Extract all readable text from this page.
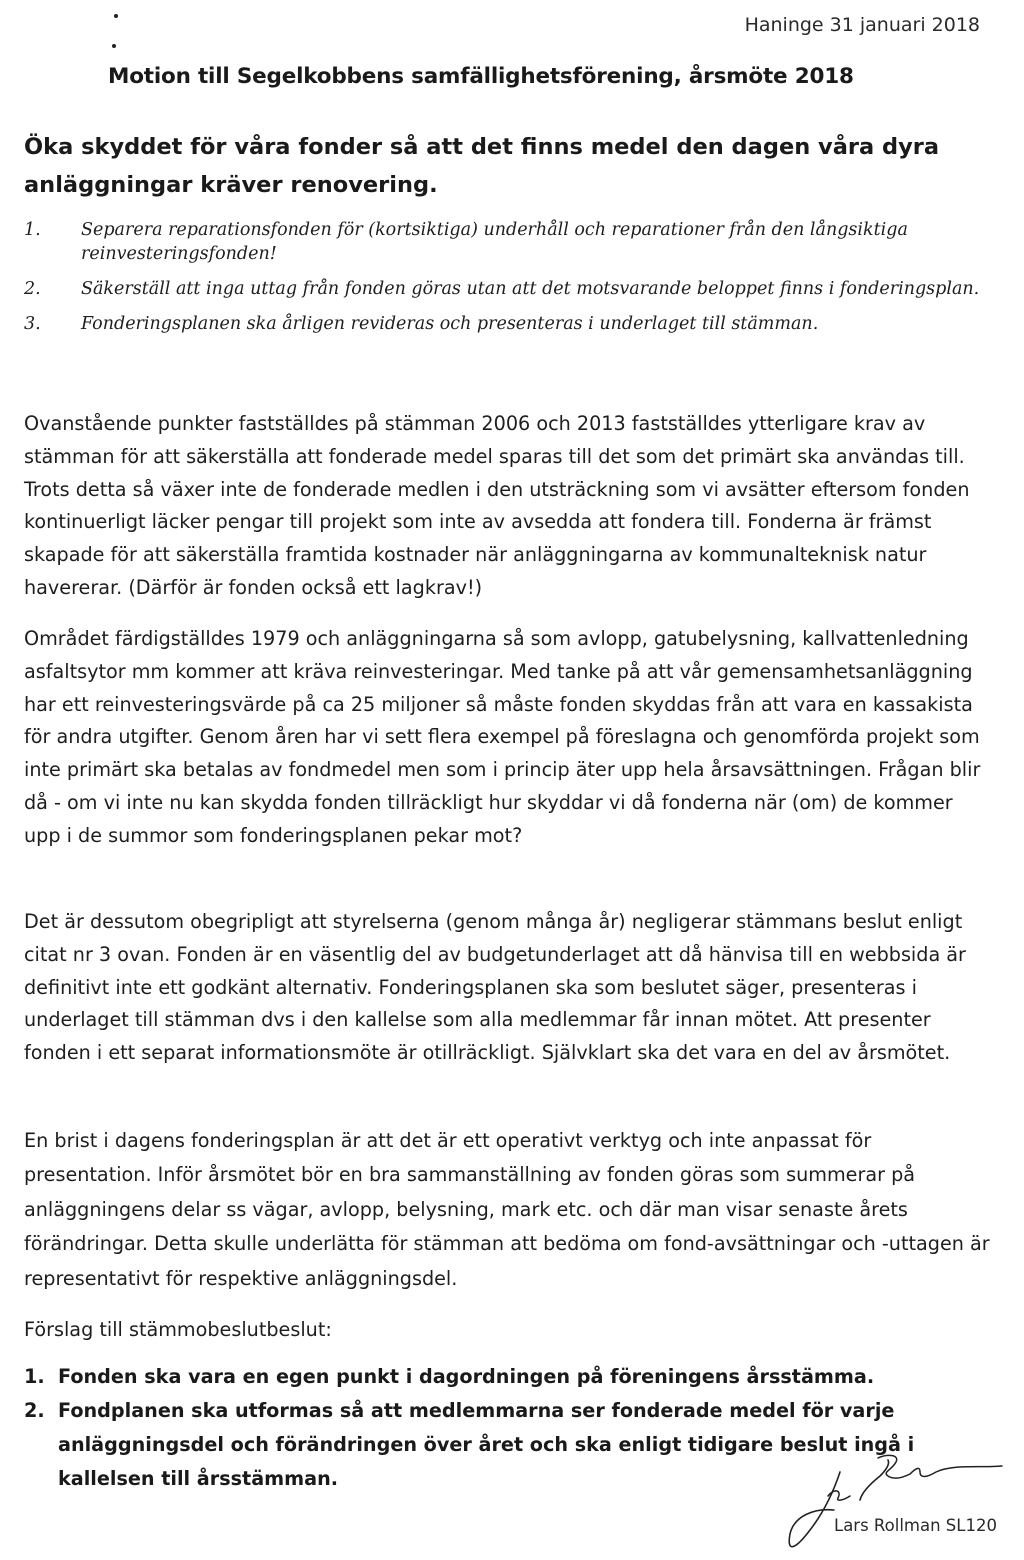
Haninge 31 januari 2018
Motion till Segelkobbens samfällighetsförening, årsmöte 2018
Öka skyddet för våra fonder så att det finns medel den dagen våra dyra anläggningar kräver renovering.
1. Separera reparationsfonden för (kortsiktiga) underhåll och reparationer från den långsiktiga reinvesteringsfonden!
2. Säkerställ att inga uttag från fonden göras utan att det motsvarande beloppet finns i fonderingsplan.
3. Fonderingsplanen ska årligen revideras och presenteras i underlaget till stämman.

Ovanstående punkter fastställdes på stämman 2006 och 2013 fastställdes ytterligare krav av stämman för att säkerställa att fonderade medel sparas till det som det primärt ska användas till. Trots detta så växer inte de fonderade medlen i den utsträckning som vi avsätter eftersom fonden kontinuerligt läcker pengar till projekt som inte av avsedda att fondera till. Fonderna är främst skapade för att säkerställa framtida kostnader när anläggningarna av kommunalteknisk natur havererar. (Därför är fonden också ett lagkrav!)

Området färdigställdes 1979 och anläggningarna så som avlopp, gatubelysning, kallvattenledning asfaltsytor mm kommer att kräva reinvesteringar. Med tanke på att vår gemensamhetsanläggning har ett reinvesteringsvärde på ca 25 miljoner så måste fonden skyddas från att vara en kassakista för andra utgifter. Genom åren har vi sett flera exempel på föreslagna och genomförda projekt som inte primärt ska betalas av fondmedel men som i princip äter upp hela årsavsättningen. Frågan blir då - om vi inte nu kan skydda fonden tillräckligt hur skyddar vi då fonderna när (om) de kommer upp i de summor som fonderingsplanen pekar mot?

Det är dessutom obegripligt att styrelserna (genom många år) negligerar stämmans beslut enligt citat nr 3 ovan. Fonden är en väsentlig del av budgetunderlaget att då hänvisa till en webbsida är definitivt inte ett godkänt alternativ. Fonderingsplanen ska som beslutet säger, presenteras i underlaget till stämman dvs i den kallelse som alla medlemmar får innan mötet. Att presenter fonden i ett separat informationsmöte är otillräckligt. Självklart ska det vara en del av årsmötet.

En brist i dagens fonderingsplan är att det är ett operativt verktyg och inte anpassat för presentation. Inför årsmötet bör en bra sammanställning av fonden göras som summerar på anläggningens delar ss vägar, avlopp, belysning, mark etc. och där man visar senaste årets förändringar. Detta skulle underlätta för stämman att bedöma om fond-avsättningar och -uttagen är representativt för respektive anläggningsdel.

Förslag till stämmobeslutbeslut:

1. Fonden ska vara en egen punkt i dagordningen på föreningens årsstämma.
2. Fondplanen ska utformas så att medlemmarna ser fonderade medel för varje anläggningsdel och förändringen över året och ska enligt tidigare beslut ingå i kallelsen till årsstämman.
Lars Rollman SL120
